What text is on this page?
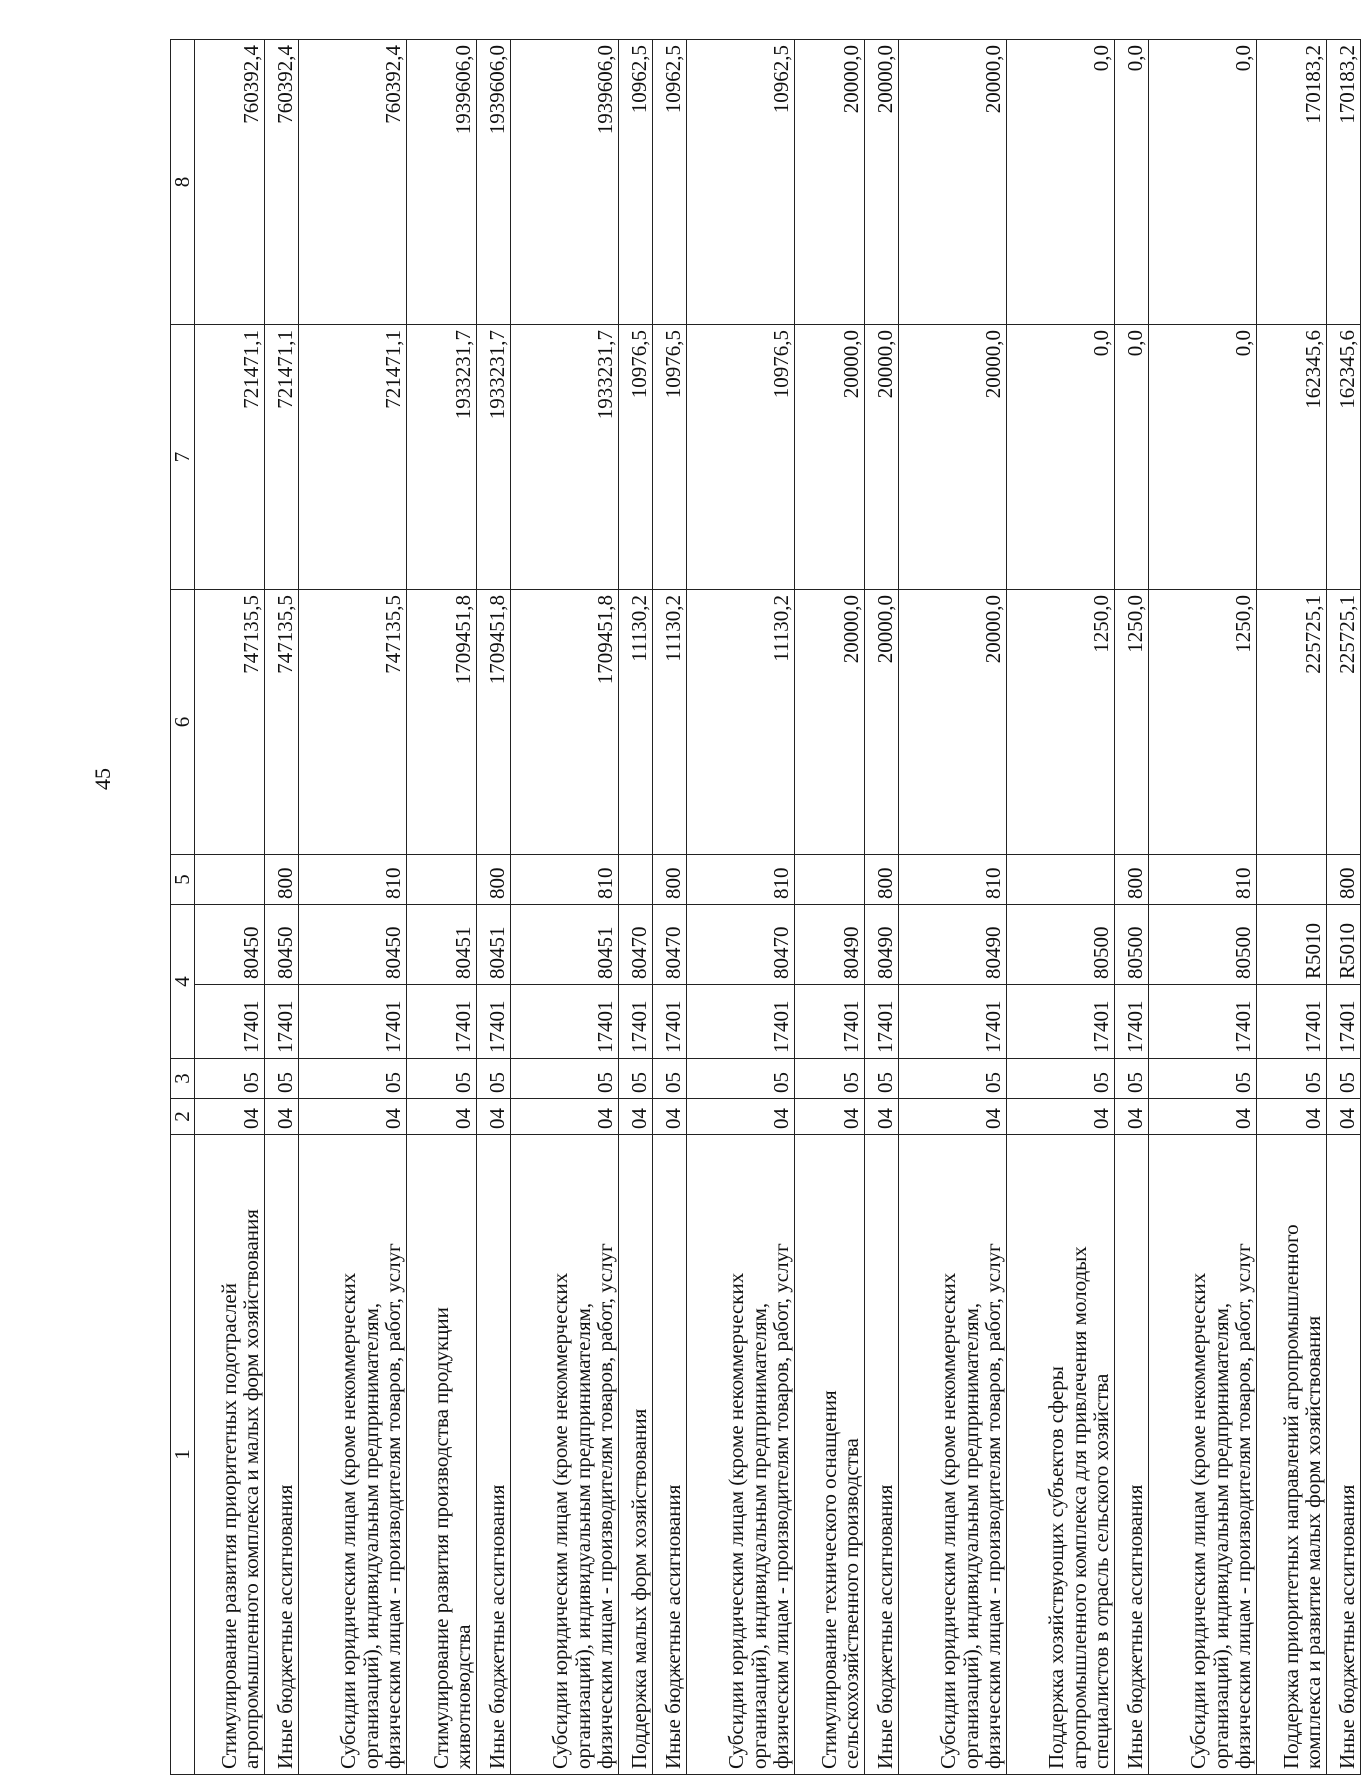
45
1	2	3	4		5	6	7	8

Стимулирование развития приоритетных подотраслей
агропромышленного комплекса и малых форм хозяйствования	04	05	17401	80450		747135,5	721471,1	760392,4

Иные бюджетные ассигнования	04	05	17401	80450	800	747135,5	721471,1	760392,4

Субсидии юридическим лицам (кроме некоммерческих
организаций), индивидуальным предпринимателям,
физическим лицам - производителям товаров, работ, услуг	04	05	17401	80450	810	747135,5	721471,1	760392,4

Стимулирование развития производства продукции
животноводства	04	05	17401	80451		1709451,8	1933231,7	1939606,0

Иные бюджетные ассигнования	04	05	17401	80451	800	1709451,8	1933231,7	1939606,0

Субсидии юридическим лицам (кроме некоммерческих
организаций), индивидуальным предпринимателям,
физическим лицам - производителям товаров, работ, услуг	04	05	17401	80451	810	1709451,8	1933231,7	1939606,0

Поддержка малых форм хозяйствования	04	05	17401	80470		11130,2	10976,5	10962,5

Иные бюджетные ассигнования	04	05	17401	80470	800	11130,2	10976,5	10962,5

Субсидии юридическим лицам (кроме некоммерческих
организаций), индивидуальным предпринимателям,
физическим лицам - производителям товаров, работ, услуг	04	05	17401	80470	810	11130,2	10976,5	10962,5

Стимулирование технического оснащения
сельскохозяйственного производства	04	05	17401	80490		20000,0	20000,0	20000,0

Иные бюджетные ассигнования	04	05	17401	80490	800	20000,0	20000,0	20000,0

Субсидии юридическим лицам (кроме некоммерческих
организаций), индивидуальным предпринимателям,
физическим лицам - производителям товаров, работ, услуг	04	05	17401	80490	810	20000,0	20000,0	20000,0

Поддержка хозяйствующих субъектов сферы
агропромышленного комплекса для привлечения молодых
специалистов в отрасль сельского хозяйства	04	05	17401	80500		1250,0	0,0	0,0

Иные бюджетные ассигнования	04	05	17401	80500	800	1250,0	0,0	0,0

Субсидии юридическим лицам (кроме некоммерческих
организаций), индивидуальным предпринимателям,
физическим лицам - производителям товаров, работ, услуг	04	05	17401	80500	810	1250,0	0,0	0,0

Поддержка приоритетных направлений агропромышленного
комплекса и развитие малых форм хозяйствования	04	05	17401	R5010		225725,1	162345,6	170183,2

Иные бюджетные ассигнования	04	05	17401	R5010	800	225725,1	162345,6	170183,2
